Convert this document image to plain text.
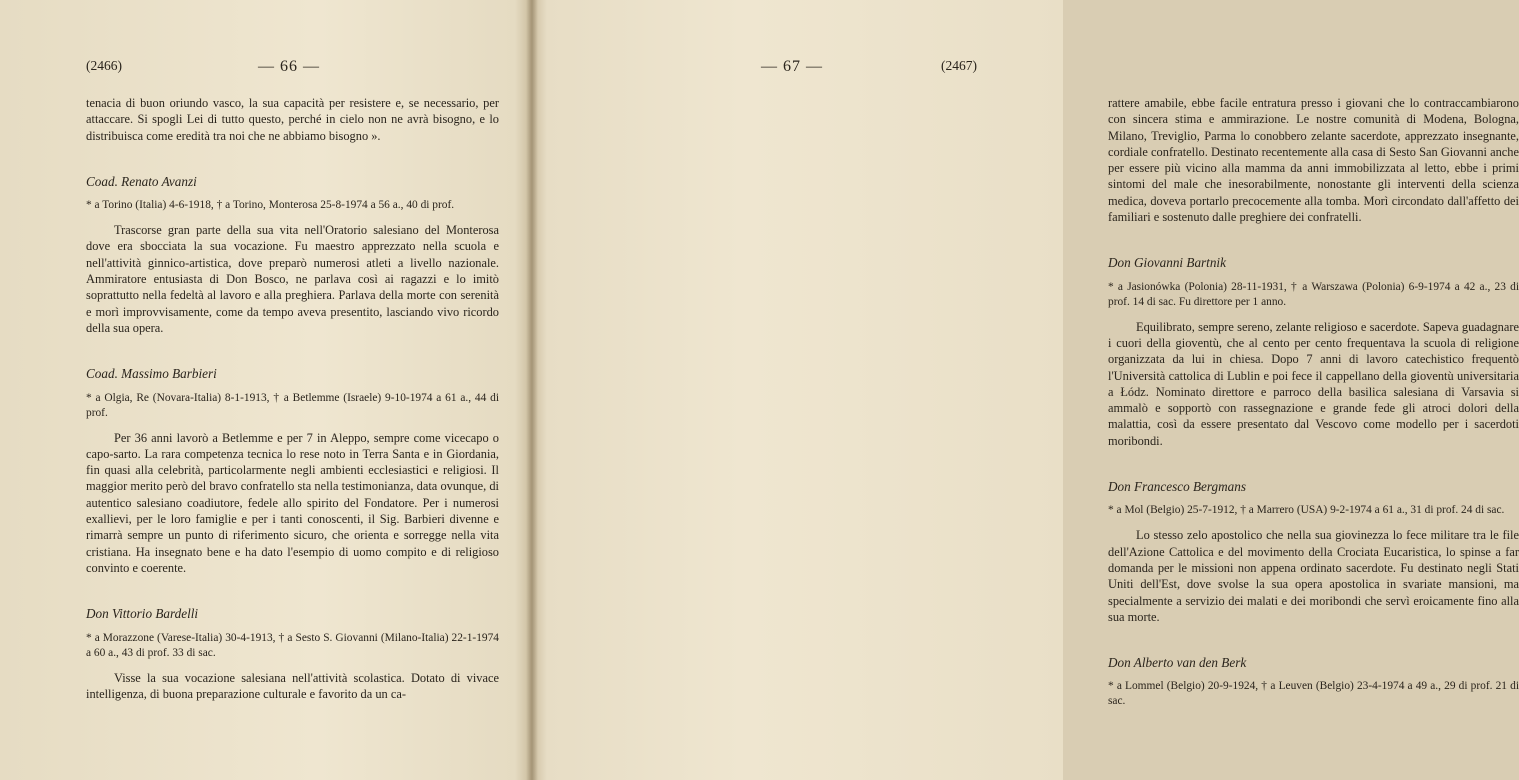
(2466)	— 66 —

tenacia di buon oriundo vasco, la sua capacità per resistere e, se necessario, per attaccare. Si spogli Lei di tutto questo, perché in cielo non ne avrà bisogno, e lo distribuisca come eredità tra noi che ne abbiamo bisogno ».

Coad. Renato Avanzi

* a Torino (Italia) 4-6-1918, † a Torino, Monterosa 25-8-1974 a 56 a., 40 di prof.

Trascorse gran parte della sua vita nell'Oratorio salesiano del Monterosa dove era sbocciata la sua vocazione. Fu maestro apprezzato nella scuola e nell'attività ginnico-artistica, dove preparò numerosi atleti a livello nazionale. Ammiratore entusiasta di Don Bosco, ne parlava così ai ragazzi e lo imitò soprattutto nella fedeltà al lavoro e alla preghiera. Parlava della morte con serenità e morì improvvisamente, come da tempo aveva presentito, lasciando vivo ricordo della sua opera.

Coad. Massimo Barbieri

* a Olgia, Re (Novara-Italia) 8-1-1913, † a Betlemme (Israele) 9-10-1974 a 61 a., 44 di prof.

Per 36 anni lavorò a Betlemme e per 7 in Aleppo, sempre come vicecapo o capo-sarto. La rara competenza tecnica lo rese noto in Terra Santa e in Giordania, fin quasi alla celebrità, particolarmente negli ambienti ecclesiastici e religiosi. Il maggior merito però del bravo confratello sta nella testimonianza, data ovunque, di autentico salesiano coadiutore, fedele allo spirito del Fondatore. Per i numerosi exallievi, per le loro famiglie e per i tanti conoscenti, il Sig. Barbieri divenne e rimarrà sempre un punto di riferimento sicuro, che orienta e sorregge nella vita cristiana. Ha insegnato bene e ha dato l'esempio di uomo compito e di religioso convinto e coerente.

Don Vittorio Bardelli

* a Morazzone (Varese-Italia) 30-4-1913, † a Sesto S. Giovanni (Milano-Italia) 22-1-1974 a 60 a., 43 di prof. 33 di sac.

Visse la sua vocazione salesiana nell'attività scolastica. Dotato di vivace intelligenza, di buona preparazione culturale e favorito da un ca-

— 67 —	(2467)

rattere amabile, ebbe facile entratura presso i giovani che lo contraccambiarono con sincera stima e ammirazione. Le nostre comunità di Modena, Bologna, Milano, Treviglio, Parma lo conobbero zelante sacerdote, apprezzato insegnante, cordiale confratello. Destinato recentemente alla casa di Sesto San Giovanni anche per essere più vicino alla mamma da anni immobilizzata al letto, ebbe i primi sintomi del male che inesorabilmente, nonostante gli interventi della scienza medica, doveva portarlo precocemente alla tomba. Morì circondato dall'affetto dei familiari e sostenuto dalle preghiere dei confratelli.

Don Giovanni Bartnik

* a Jasionówka (Polonia) 28-11-1931, † a Warszawa (Polonia) 6-9-1974 a 42 a., 23 di prof. 14 di sac. Fu direttore per 1 anno.

Equilibrato, sempre sereno, zelante religioso e sacerdote. Sapeva guadagnare i cuori della gioventù, che al cento per cento frequentava la scuola di religione organizzata da lui in chiesa. Dopo 7 anni di lavoro catechistico frequentò l'Università cattolica di Lublin e poi fece il cappellano della gioventù universitaria a Łódz. Nominato direttore e parroco della basilica salesiana di Varsavia si ammalò e sopportò con rassegnazione e grande fede gli atroci dolori della malattia, così da essere presentato dal Vescovo come modello per i sacerdoti moribondi.

Don Francesco Bergmans

* a Mol (Belgio) 25-7-1912, † a Marrero (USA) 9-2-1974 a 61 a., 31 di prof. 24 di sac.

Lo stesso zelo apostolico che nella sua giovinezza lo fece militare tra le file dell'Azione Cattolica e del movimento della Crociata Eucaristica, lo spinse a far domanda per le missioni non appena ordinato sacerdote. Fu destinato negli Stati Uniti dell'Est, dove svolse la sua opera apostolica in svariate mansioni, ma specialmente a servizio dei malati e dei moribondi che servì eroicamente fino alla sua morte.

Don Alberto van den Berk

* a Lommel (Belgio) 20-9-1924, † a Leuven (Belgio) 23-4-1974 a 49 a., 29 di prof. 21 di sac.
